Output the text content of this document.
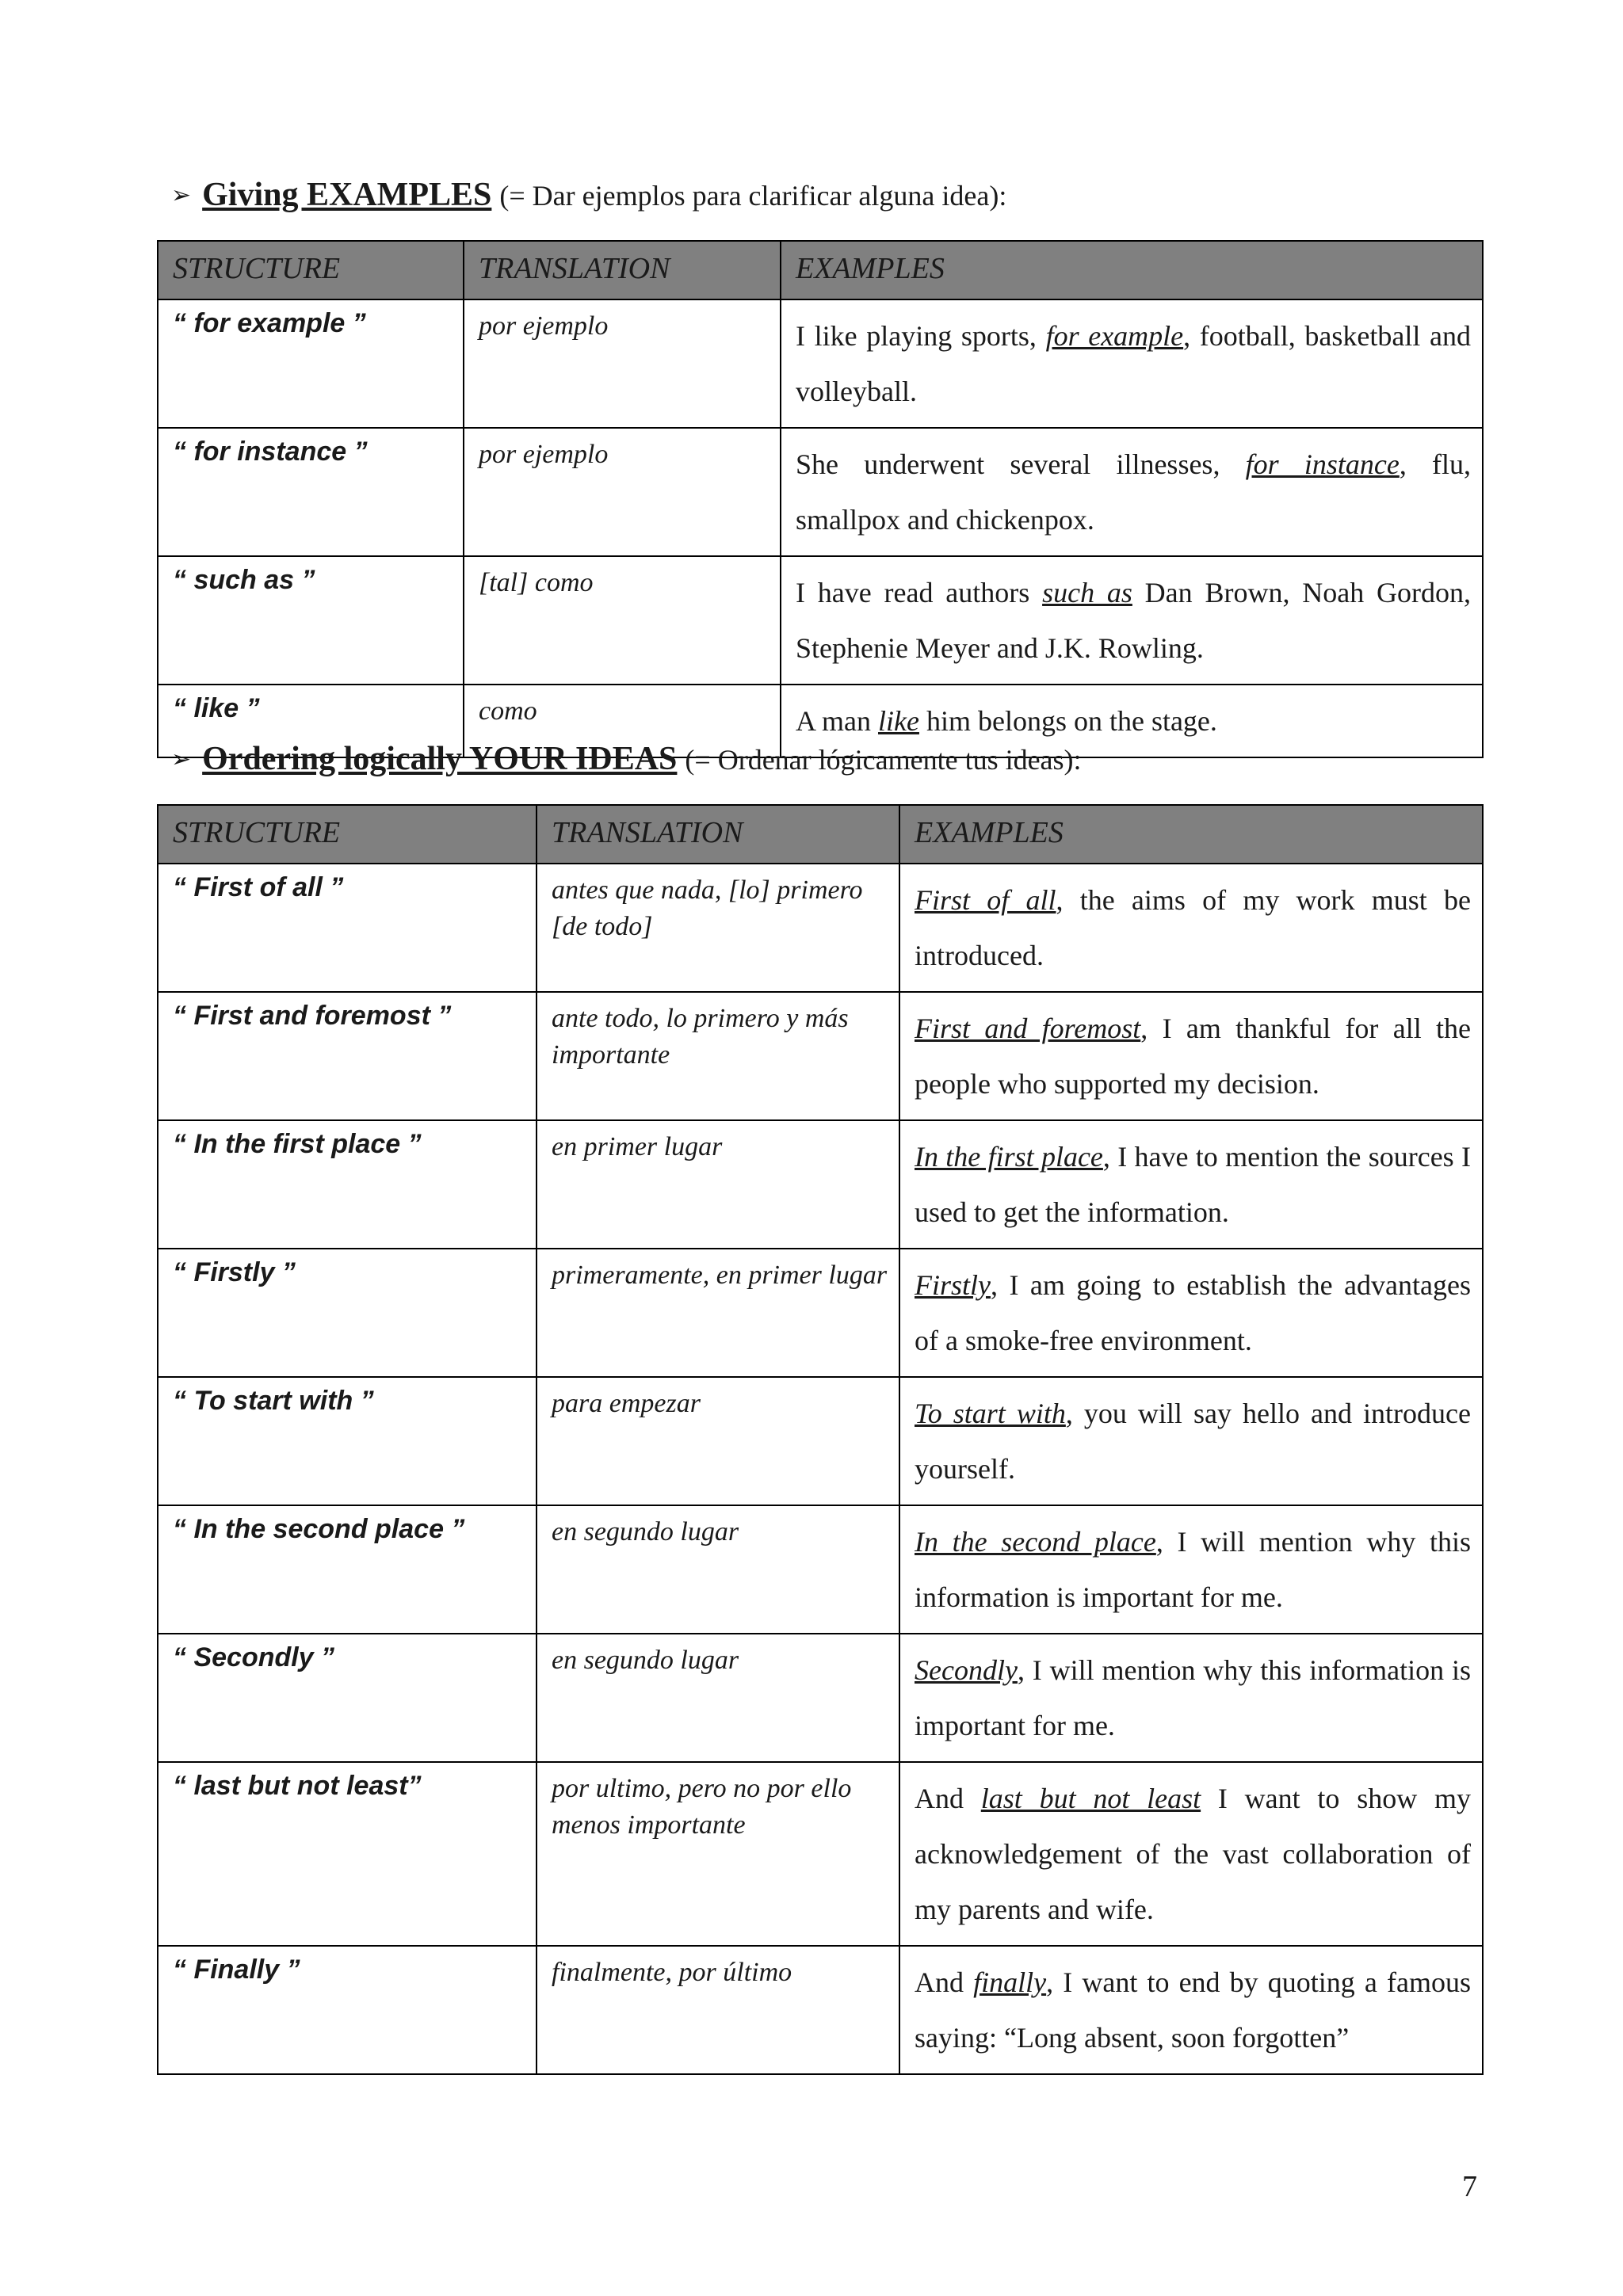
➢ Giving EXAMPLES (= Dar ejemplos para clarificar alguna idea):
STRUCTURE	TRANSLATION	EXAMPLES
“ for example ”	por ejemplo	I like playing sports, for example, football, basketball and volleyball.
“ for instance ”	por ejemplo	She underwent several illnesses, for instance, flu, smallpox and chickenpox.
“ such as ”	[tal] como	I have read authors such as Dan Brown, Noah Gordon, Stephenie Meyer and J.K. Rowling.
“ like ”	como	A man like him belongs on the stage.
➢ Ordering logically YOUR IDEAS (= Ordenar lógicamente tus ideas):
STRUCTURE	TRANSLATION	EXAMPLES
“ First of all ”	antes que nada, [lo] primero [de todo]	First of all, the aims of my work must be introduced.
“ First and foremost ”	ante todo, lo primero y más importante	First and foremost, I am thankful for all the people who supported my decision.
“ In the first place ”	en primer lugar	In the first place, I have to mention the sources I used to get the information.
“ Firstly ”	primeramente, en primer lugar	Firstly, I am going to establish the advantages of a smoke-free environment.
“ To start with ”	para empezar	To start with, you will say hello and introduce yourself.
“ In the second place ”	en segundo lugar	In the second place, I will mention why this information is important for me.
“ Secondly ”	en segundo lugar	Secondly, I will mention why this information is important for me.
“ last but not least”	por ultimo, pero no por ello menos importante	And last but not least I want to show my acknowledgement of the vast collaboration of my parents and wife.
“ Finally ”	finalmente, por último	And finally, I want to end by quoting a famous saying: “Long absent, soon forgotten”
7
